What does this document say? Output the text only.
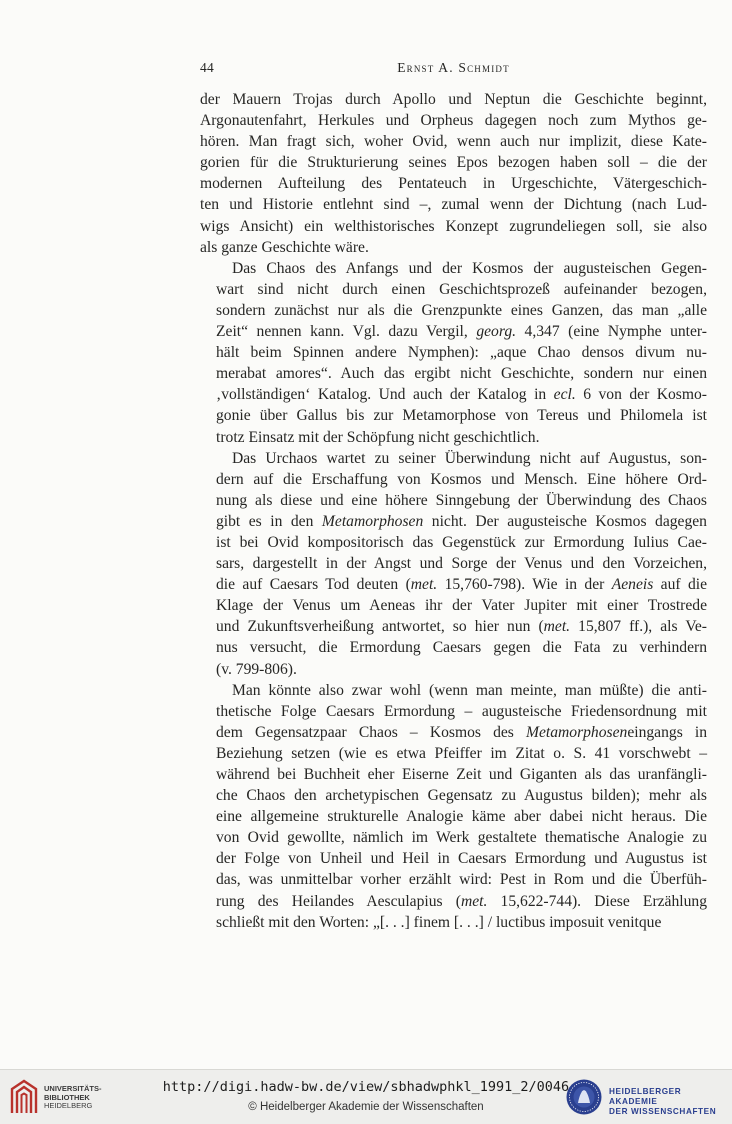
44	Ernst A. Schmidt

der Mauern Trojas durch Apollo und Neptun die Geschichte beginnt,
Argonautenfahrt, Herkules und Orpheus dagegen noch zum Mythos ge-
hören. Man fragt sich, woher Ovid, wenn auch nur implizit, diese Kate-
gorien für die Strukturierung seines Epos bezogen haben soll – die der
modernen Aufteilung des Pentateuch in Urgeschichte, Vätergeschich-
ten und Historie entlehnt sind –, zumal wenn der Dichtung (nach Lud-
wigs Ansicht) ein welthistorisches Konzept zugrundeliegen soll, sie also
als ganze Geschichte wäre.

Das Chaos des Anfangs und der Kosmos der augusteischen Gegen-
wart sind nicht durch einen Geschichtsprozeß aufeinander bezogen,
sondern zunächst nur als die Grenzpunkte eines Ganzen, das man „alle
Zeit“ nennen kann. Vgl. dazu Vergil, georg. 4,347 (eine Nymphe unter-
hält beim Spinnen andere Nymphen): „aque Chao densos divum nu-
merabat amores“. Auch das ergibt nicht Geschichte, sondern nur einen
‚vollständigen‘ Katalog. Und auch der Katalog in ecl. 6 von der Kosmo-
gonie über Gallus bis zur Metamorphose von Tereus und Philomela ist
trotz Einsatz mit der Schöpfung nicht geschichtlich.

Das Urchaos wartet zu seiner Überwindung nicht auf Augustus, son-
dern auf die Erschaffung von Kosmos und Mensch. Eine höhere Ord-
nung als diese und eine höhere Sinngebung der Überwindung des Chaos
gibt es in den Metamorphosen nicht. Der augusteische Kosmos dagegen
ist bei Ovid kompositorisch das Gegenstück zur Ermordung Iulius Cae-
sars, dargestellt in der Angst und Sorge der Venus und den Vorzeichen,
die auf Caesars Tod deuten (met. 15,760-798). Wie in der Aeneis auf die
Klage der Venus um Aeneas ihr der Vater Jupiter mit einer Trostrede
und Zukunftsverheißung antwortet, so hier nun (met. 15,807 ff.), als Ve-
nus versucht, die Ermordung Caesars gegen die Fata zu verhindern
(v. 799-806).

Man könnte also zwar wohl (wenn man meinte, man müßte) die anti-
thetische Folge Caesars Ermordung – augusteische Friedensordnung mit
dem Gegensatzpaar Chaos – Kosmos des Metamorphoseneingangs in
Beziehung setzen (wie es etwa Pfeiffer im Zitat o. S. 41 vorschwebt –
während bei Buchheit eher Eiserne Zeit und Giganten als das uranfängli-
che Chaos den archetypischen Gegensatz zu Augustus bilden); mehr als
eine allgemeine strukturelle Analogie käme aber dabei nicht heraus. Die
von Ovid gewollte, nämlich im Werk gestaltete thematische Analogie zu
der Folge von Unheil und Heil in Caesars Ermordung und Augustus ist
das, was unmittelbar vorher erzählt wird: Pest in Rom und die Überfüh-
rung des Heilandes Aesculapius (met. 15,622-744). Diese Erzählung
schließt mit den Worten: „[. . .] finem [. . .] / luctibus imposuit venitque

UNIVERSITÄTS-
BIBLIOTHEK
HEIDELBERG
http://digi.hadw-bw.de/view/sbhadwphkl_1991_2/0046
© Heidelberger Akademie der Wissenschaften
HEIDELBERGER AKADEMIE
DER WISSENSCHAFTEN
